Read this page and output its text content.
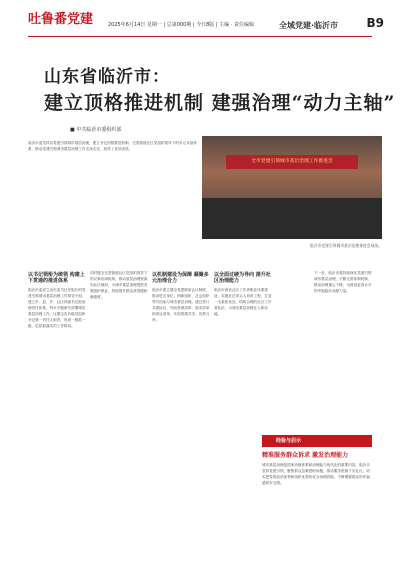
吐鲁番党建	2025年6月14日 星期一 | 总第000期 | 今日8版 | 主编 · 责任编辑	全域党建·临沂市 B9
山东省临沂市：
建立顶格推进机制 建强治理“动力主轴”
■ 中共临沂市委组织部
临沂市委坚持以党建引领城市基层治理，建立书记顶格推进机制，完善街道社区党组织领导下的多元共治体系，推动党建引领城市基层治理工作走深走实，取得了良好成效。
全市党建引领城市基层治理工作推进会
临沂市党建引领城市基层治理推进会现场。
以书记领衔为统领 构建上下贯通的推进体系
临沂市委成立由市委书记任组长的党建引领城市基层治理工作领导小组，建立市、县、乡、社区四级书记抓治理责任体系，每年专题研究部署城市基层治理工作，压紧压实各级党组织书记第一责任人职责，形成一级抓一级、层层抓落实的工作格局。
同时健全完善街道社区党组织领导下的议事协商机制，推动基层治理资源向社区倾斜，为城市基层治理提供坚强组织保证，持续提升群众获得感和满意度。
以机制建设为保障 凝聚多元治理合力
临沂市建立健全党建联席会议制度，推动驻区单位、两新组织、社会组织等共同参与城市基层治理。通过签订共建协议、列出资源清单、需求清单和项目清单，实现资源共享、优势互补。
以全面过硬为导向 提升社区治理能力
临沂市深化社区工作者职业体系建设，实施社区带头人培育工程，打造一支素质优良、结构合理的社区工作者队伍，为城市基层治理注入新动能。
下一步，临沂市将持续深化党建引领城市基层治理，不断完善体制机制，推动治理重心下移，为建设更高水平的幸福临沂贡献力量。
经验与启示
精准服务群众诉求 激发治理能力
城市基层治理是国家治理体系和治理能力现代化的重要内容。临沂市坚持党建引领，聚焦群众急难愁盼问题，推动服务资源下沉社区，切实把党的政治优势和组织优势转化为治理效能，不断增强群众的幸福感和安全感。
